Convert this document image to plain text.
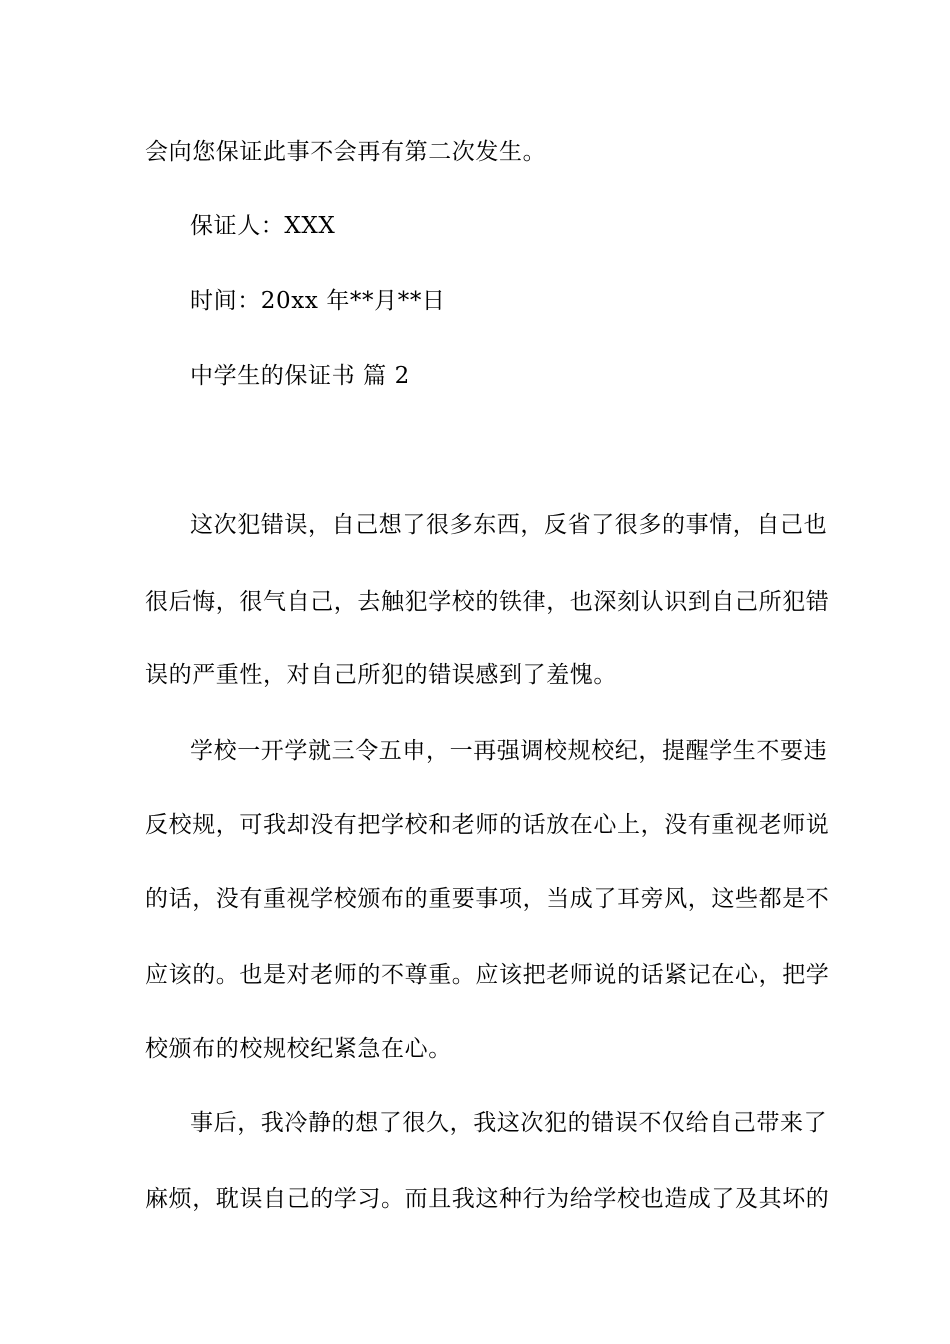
会向您保证此事不会再有第二次发生。
保证人：XXX
时间：20xx 年**月**日
中学生的保证书 篇 2
这次犯错误，自己想了很多东西，反省了很多的事情，自己也
很后悔，很气自己，去触犯学校的铁律，也深刻认识到自己所犯错
误的严重性，对自己所犯的错误感到了羞愧。
学校一开学就三令五申，一再强调校规校纪，提醒学生不要违
反校规，可我却没有把学校和老师的话放在心上，没有重视老师说
的话，没有重视学校颁布的重要事项，当成了耳旁风，这些都是不
应该的。也是对老师的不尊重。应该把老师说的话紧记在心，把学
校颁布的校规校纪紧急在心。
事后，我冷静的想了很久，我这次犯的错误不仅给自己带来了
麻烦，耽误自己的学习。而且我这种行为给学校也造成了及其坏的
